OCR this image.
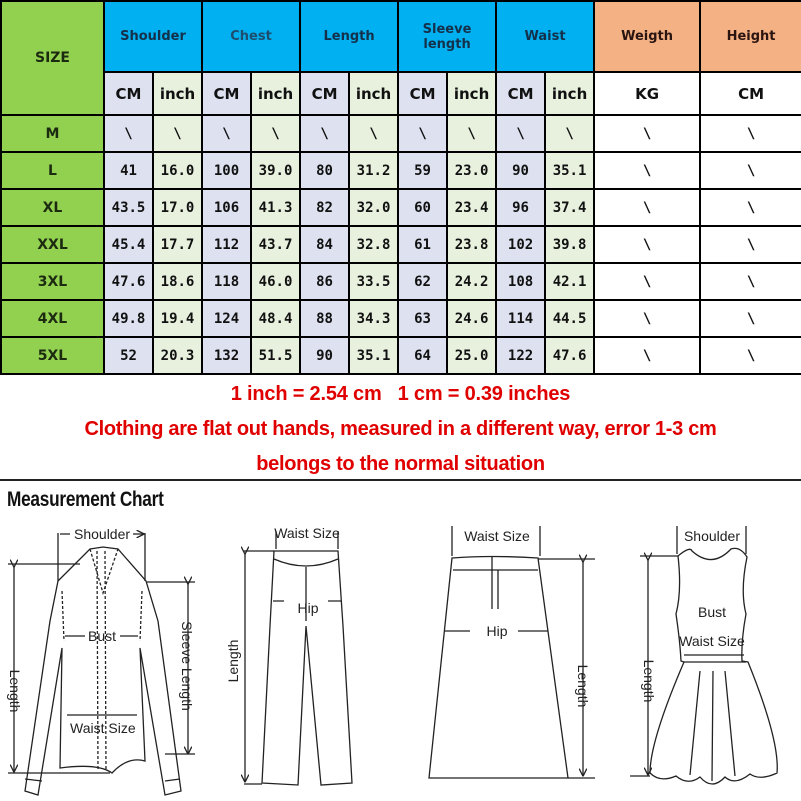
SIZE	Shoulder		Chest		Length		Sleeve length		Waist		Weigth	Height
	CM	inch	CM	inch	CM	inch	CM	inch	CM	inch	KG	CM
M	\	\	\	\	\	\	\	\	\	\	\	\
L	41	16.0	100	39.0	80	31.2	59	23.0	90	35.1	\	\
XL	43.5	17.0	106	41.3	82	32.0	60	23.4	96	37.4	\	\
XXL	45.4	17.7	112	43.7	84	32.8	61	23.8	102	39.8	\	\
3XL	47.6	18.6	118	46.0	86	33.5	62	24.2	108	42.1	\	\
4XL	49.8	19.4	124	48.4	88	34.3	63	24.6	114	44.5	\	\
5XL	52	20.3	132	51.5	90	35.1	64	25.0	122	47.6	\	\
1 inch = 2.54 cm   1 cm = 0.39 inches
Clothing are flat out hands, measured in a different way, error 1-3 cm
belongs to the normal situation
Measurement Chart
Shoulder
Bust
Waist Size
Length	Sleeve Length
Waist Size
Hip
Length
Waist Size
Hip
Length
Shoulder
Bust
Waist Size
Length
